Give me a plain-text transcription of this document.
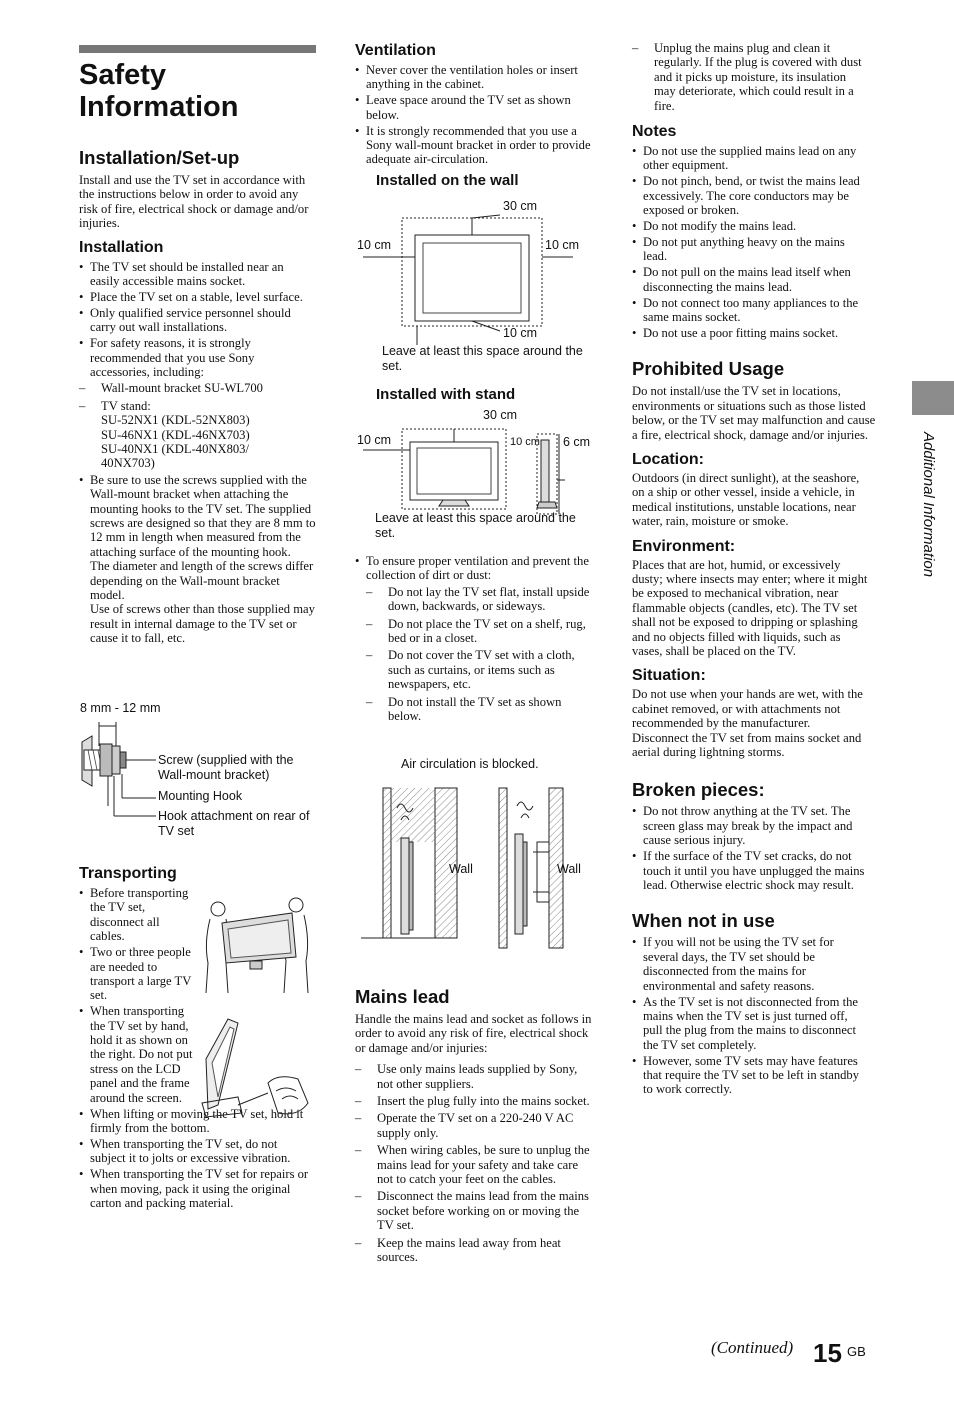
Safety Information

Installation/Set-up

Install and use the TV set in accordance with the instructions below in order to avoid any risk of fire, electrical shock or damage and/or injuries.

Installation

• The TV set should be installed near an easily accessible mains socket.
• Place the TV set on a stable, level surface.
• Only qualified service personnel should carry out wall installations.
• For safety reasons, it is strongly recommended that you use Sony accessories, including:
– Wall-mount bracket SU-WL700
– TV stand:
SU-52NX1 (KDL-52NX803)
SU-46NX1 (KDL-46NX703)
SU-40NX1 (KDL-40NX803/
40NX703)
• Be sure to use the screws supplied with the Wall-mount bracket when attaching the mounting hooks to the TV set. The supplied screws are designed so that they are 8 mm to 12 mm in length when measured from the attaching surface of the mounting hook.
The diameter and length of the screws differ depending on the Wall-mount bracket model.
Use of screws other than those supplied may result in internal damage to the TV set or cause it to fall, etc.
8 mm - 12 mm
Screw (supplied with the Wall-mount bracket)
Mounting Hook
Hook attachment on rear of TV set

Transporting

• Before transporting the TV set, disconnect all cables.
• Two or three people are needed to transport a large TV set.
• When transporting the TV set by hand, hold it as shown on the right. Do not put stress on the LCD panel and the frame around the screen.
• When lifting or moving the TV set, hold it firmly from the bottom.
• When transporting the TV set, do not subject it to jolts or excessive vibration.
• When transporting the TV set for repairs or when moving, pack it using the original carton and packing material.

Ventilation

• Never cover the ventilation holes or insert anything in the cabinet.
• Leave space around the TV set as shown below.
• It is strongly recommended that you use a Sony wall-mount bracket in order to provide adequate air-circulation.

Installed on the wall

30 cm
10 cm	10 cm
10 cm
Leave at least this space around the set.

Installed with stand

30 cm
10 cm	10 cm 6 cm
Leave at least this space around the set.
• To ensure proper ventilation and prevent the collection of dirt or dust:
– Do not lay the TV set flat, install upside down, backwards, or sideways.
– Do not place the TV set on a shelf, rug, bed or in a closet.
– Do not cover the TV set with a cloth, such as curtains, or items such as newspapers, etc.
– Do not install the TV set as shown below.
Air circulation is blocked.
Wall	Wall

Mains lead

Handle the mains lead and socket as follows in order to avoid any risk of fire, electrical shock or damage and/or injuries:

– Use only mains leads supplied by Sony, not other suppliers.
– Insert the plug fully into the mains socket.
– Operate the TV set on a 220-240 V AC supply only.
– When wiring cables, be sure to unplug the mains lead for your safety and take care not to catch your feet on the cables.
– Disconnect the mains lead from the mains socket before working on or moving the TV set.
– Keep the mains lead away from heat sources.
– Unplug the mains plug and clean it regularly. If the plug is covered with dust and it picks up moisture, its insulation may deteriorate, which could result in a fire.

Notes

• Do not use the supplied mains lead on any other equipment.
• Do not pinch, bend, or twist the mains lead excessively. The core conductors may be exposed or broken.
• Do not modify the mains lead.
• Do not put anything heavy on the mains lead.
• Do not pull on the mains lead itself when disconnecting the mains lead.
• Do not connect too many appliances to the same mains socket.
• Do not use a poor fitting mains socket.

Prohibited Usage

Do not install/use the TV set in locations, environments or situations such as those listed below, or the TV set may malfunction and cause a fire, electrical shock, damage and/or injuries.

Location:

Outdoors (in direct sunlight), at the seashore, on a ship or other vessel, inside a vehicle, in medical institutions, unstable locations, near water, rain, moisture or smoke.

Environment:

Places that are hot, humid, or excessively dusty; where insects may enter; where it might be exposed to mechanical vibration, near flammable objects (candles, etc). The TV set shall not be exposed to dripping or splashing and no objects filled with liquids, such as vases, shall be placed on the TV.

Situation:

Do not use when your hands are wet, with the cabinet removed, or with attachments not recommended by the manufacturer. Disconnect the TV set from mains socket and aerial during lightning storms.

Broken pieces:

• Do not throw anything at the TV set. The screen glass may break by the impact and cause serious injury.
• If the surface of the TV set cracks, do not touch it until you have unplugged the mains lead. Otherwise electric shock may result.

When not in use

• If you will not be using the TV set for several days, the TV set should be disconnected from the mains for environmental and safety reasons.
• As the TV set is not disconnected from the mains when the TV set is just turned off, pull the plug from the mains to disconnect the TV set completely.
• However, some TV sets may have features that require the TV set to be left in standby to work correctly.
Additional Information
(Continued) 15 GB
